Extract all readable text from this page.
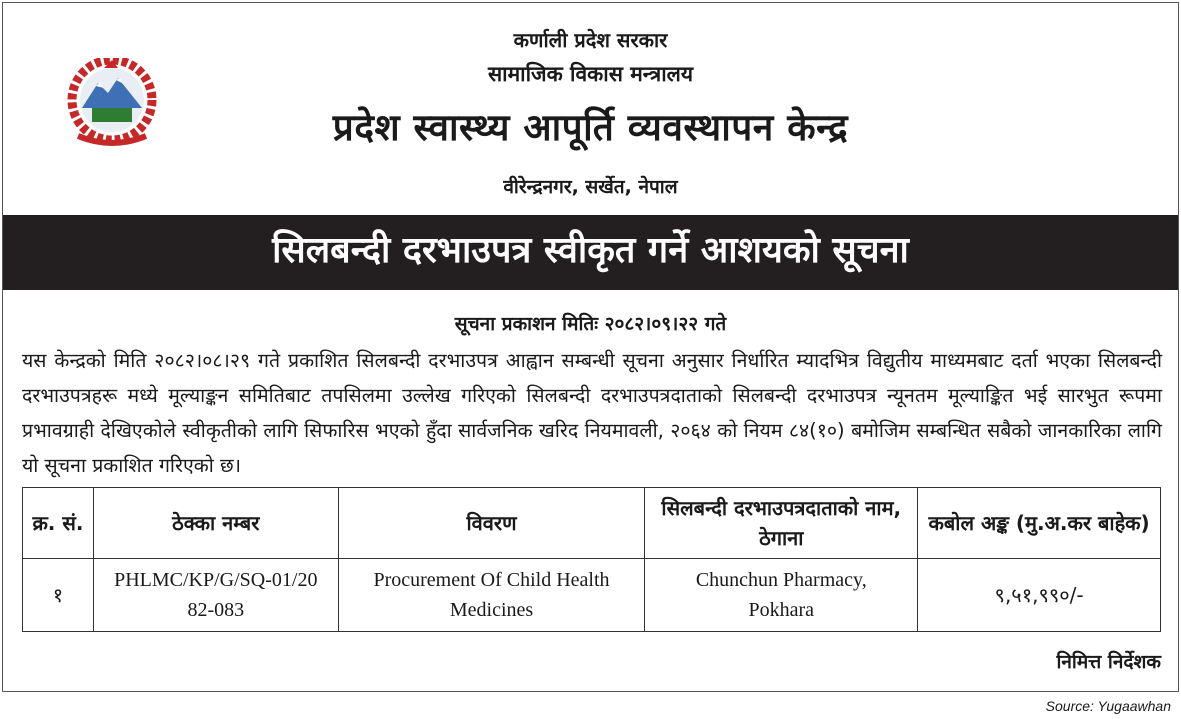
कर्णाली प्रदेश सरकार
सामाजिक विकास मन्त्रालय
प्रदेश स्वास्थ्य आपूर्ति व्यवस्थापन केन्द्र
वीरेन्द्रनगर, सर्खेत, नेपाल
सिलबन्दी दरभाउपत्र स्वीकृत गर्ने आशयको सूचना
सूचना प्रकाशन मितिः २०८२।०९।२२ गते

यस केन्द्रको मिति २०८२।०८।२९ गते प्रकाशित सिलबन्दी दरभाउपत्र आह्वान सम्बन्धी सूचना अनुसार निर्धारित म्यादभित्र विद्युतीय माध्यमबाट दर्ता भएका सिलबन्दी दरभाउपत्रहरू मध्ये मूल्याङ्कन समितिबाट तपसिलमा उल्लेख गरिएको सिलबन्दी दरभाउपत्रदाताको सिलबन्दी दरभाउपत्र न्यूनतम मूल्याङ्कित भई सारभुत रूपमा प्रभावग्राही देखिएकोले स्वीकृतीको लागि सिफारिस भएको हुँदा सार्वजनिक खरिद नियमावली, २०६४ को नियम ८४(१०) बमोजिम सम्बन्धित सबैको जानकारिका लागि यो सूचना प्रकाशित गरिएको छ।

क्र. सं.	ठेक्का नम्बर	विवरण	सिलबन्दी दरभाउपत्रदाताको नाम, ठेगाना	कबोल अङ्क (मु.अ.कर बाहेक)
१	PHLMC/KP/G/SQ-01/2082-083	Procurement Of Child Health Medicines	Chunchun Pharmacy, Pokhara	९,५१,९९०/-
निमित्त निर्देशक
Source: Yugaawhan
